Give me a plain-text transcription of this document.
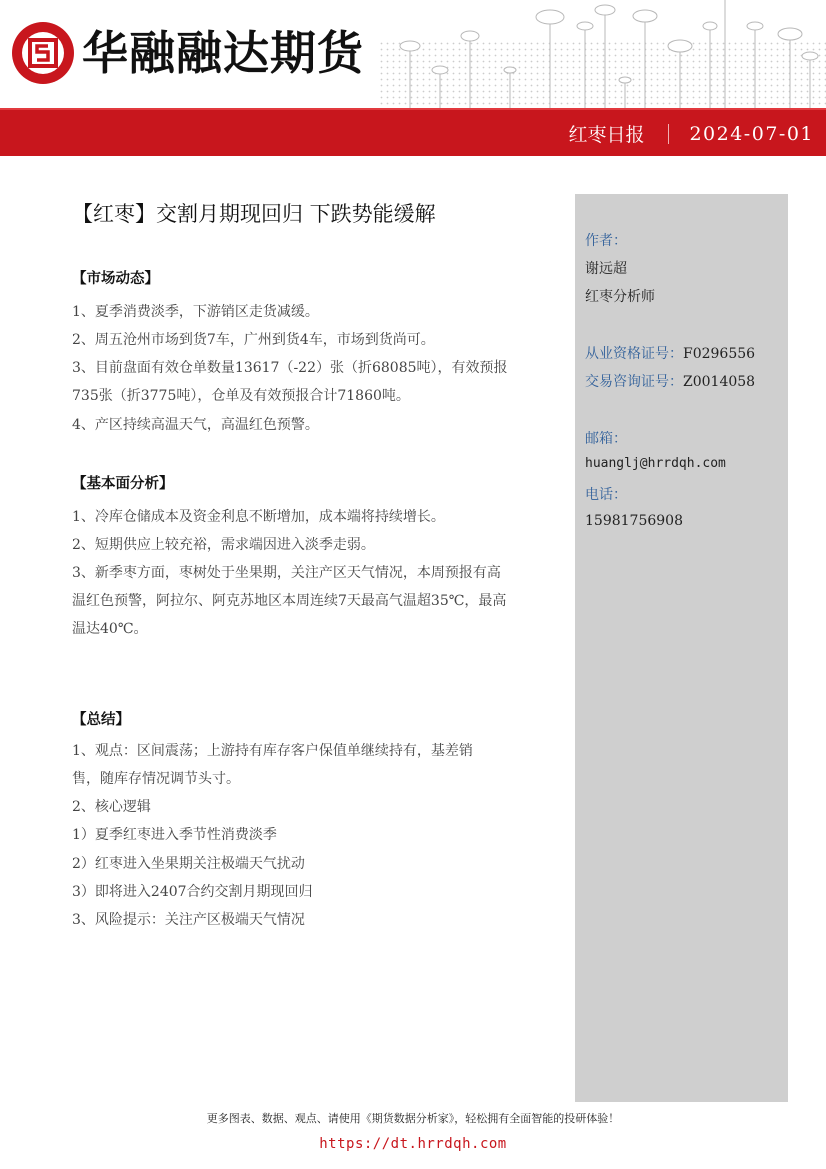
华融融达期货
红枣日报 2024-07-01
作者：
谢远超
红枣分析师
从业资格证号：F0296556
交易咨询证号：Z0014058
邮箱：
huanglj@hrrdqh.com
电话：
15981756908
【红枣】交割月期现回归 下跌势能缓解
【市场动态】
1、夏季消费淡季，下游销区走货减缓。
2、周五沧州市场到货7车，广州到货4车，市场到货尚可。
3、目前盘面有效仓单数量13617（-22）张（折68085吨），有效预报
735张（折3775吨），仓单及有效预报合计71860吨。
4、产区持续高温天气，高温红色预警。
【基本面分析】
1、冷库仓储成本及资金利息不断增加，成本端将持续增长。
2、短期供应上较充裕，需求端因进入淡季走弱。
3、新季枣方面，枣树处于坐果期，关注产区天气情况，本周预报有高
温红色预警，阿拉尔、阿克苏地区本周连续7天最高气温超35℃，最高
温达40℃。
【总结】
1、观点：区间震荡；上游持有库存客户保值单继续持有，基差销
售，随库存情况调节头寸。
2、核心逻辑
1）夏季红枣进入季节性消费淡季
2）红枣进入坐果期关注极端天气扰动
3）即将进入2407合约交割月期现回归
3、风险提示：关注产区极端天气情况
更多图表、数据、观点、请使用《期货数据分析家》，轻松拥有全面智能的投研体验！
https://dt.hrrdqh.com
